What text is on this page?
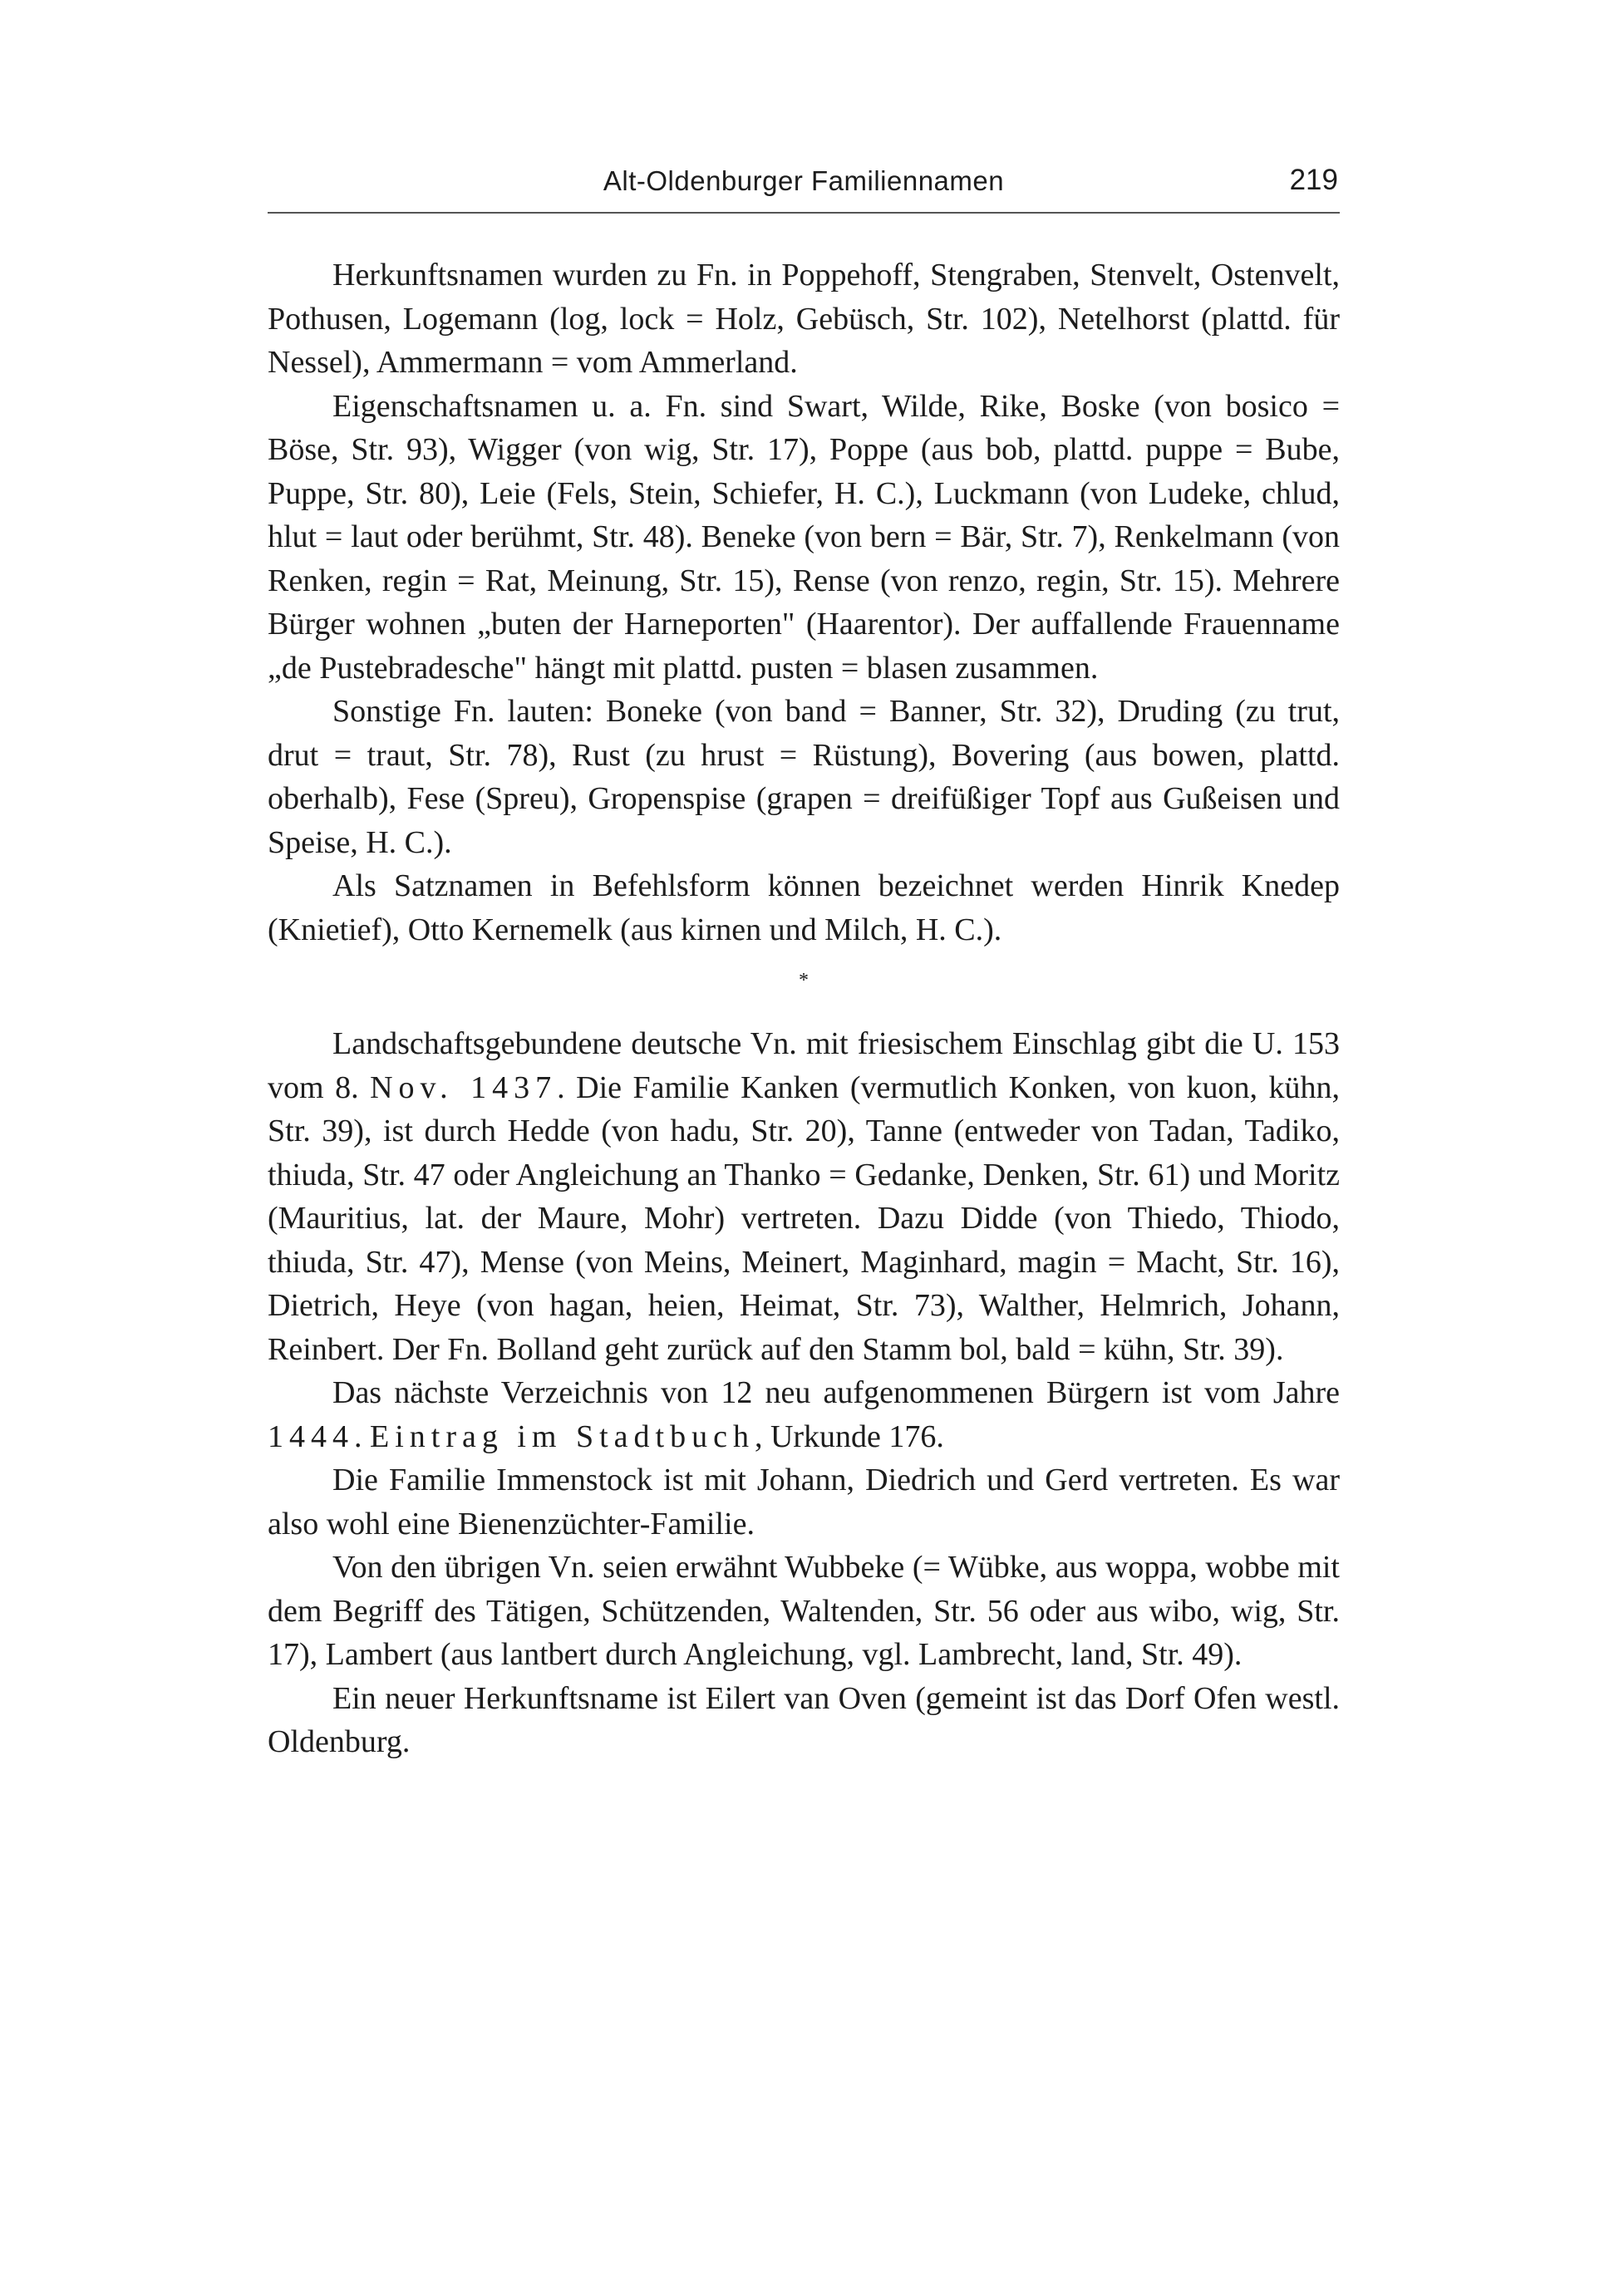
Alt-Oldenburger Familiennamen	219

Herkunftsnamen wurden zu Fn. in Poppehoff, Stengraben, Stenvelt, Ostenvelt, Pothusen, Logemann (log, lock = Holz, Gebüsch, Str. 102), Netelhorst (plattd. für Nessel), Ammermann = vom Ammerland.

Eigenschaftsnamen u. a. Fn. sind Swart, Wilde, Rike, Boske (von bosico = Böse, Str. 93), Wigger (von wig, Str. 17), Poppe (aus bob, plattd. puppe = Bube, Puppe, Str. 80), Leie (Fels, Stein, Schiefer, H. C.), Luckmann (von Ludeke, chlud, hlut = laut oder berühmt, Str. 48). Beneke (von bern = Bär, Str. 7), Renkelmann (von Renken, regin = Rat, Meinung, Str. 15), Rense (von renzo, regin, Str. 15). Mehrere Bürger wohnen „buten der Harneporten" (Haarentor). Der auffallende Frauenname „de Pustebradesche" hängt mit plattd. pusten = blasen zusammen.

Sonstige Fn. lauten: Boneke (von band = Banner, Str. 32), Druding (zu trut, drut = traut, Str. 78), Rust (zu hrust = Rüstung), Bovering (aus bowen, plattd. oberhalb), Fese (Spreu), Gropenspise (grapen = dreifüßiger Topf aus Gußeisen und Speise, H. C.).

Als Satznamen in Befehlsform können bezeichnet werden Hinrik Knedep (Knietief), Otto Kernemelk (aus kirnen und Milch, H. C.).

*

Landschaftsgebundene deutsche Vn. mit friesischem Einschlag gibt die U. 153 vom 8. Nov. 1437. Die Familie Kanken (vermutlich Konken, von kuon, kühn, Str. 39), ist durch Hedde (von hadu, Str. 20), Tanne (entweder von Tadan, Tadiko, thiuda, Str. 47 oder Angleichung an Thanko = Gedanke, Denken, Str. 61) und Moritz (Mauritius, lat. der Maure, Mohr) vertreten. Dazu Didde (von Thiedo, Thiodo, thiuda, Str. 47), Mense (von Meins, Meinert, Maginhard, magin = Macht, Str. 16), Dietrich, Heye (von hagan, heien, Heimat, Str. 73), Walther, Helmrich, Johann, Reinbert. Der Fn. Bolland geht zurück auf den Stamm bol, bald = kühn, Str. 39).

Das nächste Verzeichnis von 12 neu aufgenommenen Bürgern ist vom Jahre 1444. Eintrag im Stadtbuch, Urkunde 176.

Die Familie Immenstock ist mit Johann, Diedrich und Gerd vertreten. Es war also wohl eine Bienenzüchter-Familie.

Von den übrigen Vn. seien erwähnt Wubbeke (= Wübke, aus woppa, wobbe mit dem Begriff des Tätigen, Schützenden, Waltenden, Str. 56 oder aus wibo, wig, Str. 17), Lambert (aus lantbert durch Angleichung, vgl. Lambrecht, land, Str. 49).

Ein neuer Herkunftsname ist Eilert van Oven (gemeint ist das Dorf Ofen westl. Oldenburg.
